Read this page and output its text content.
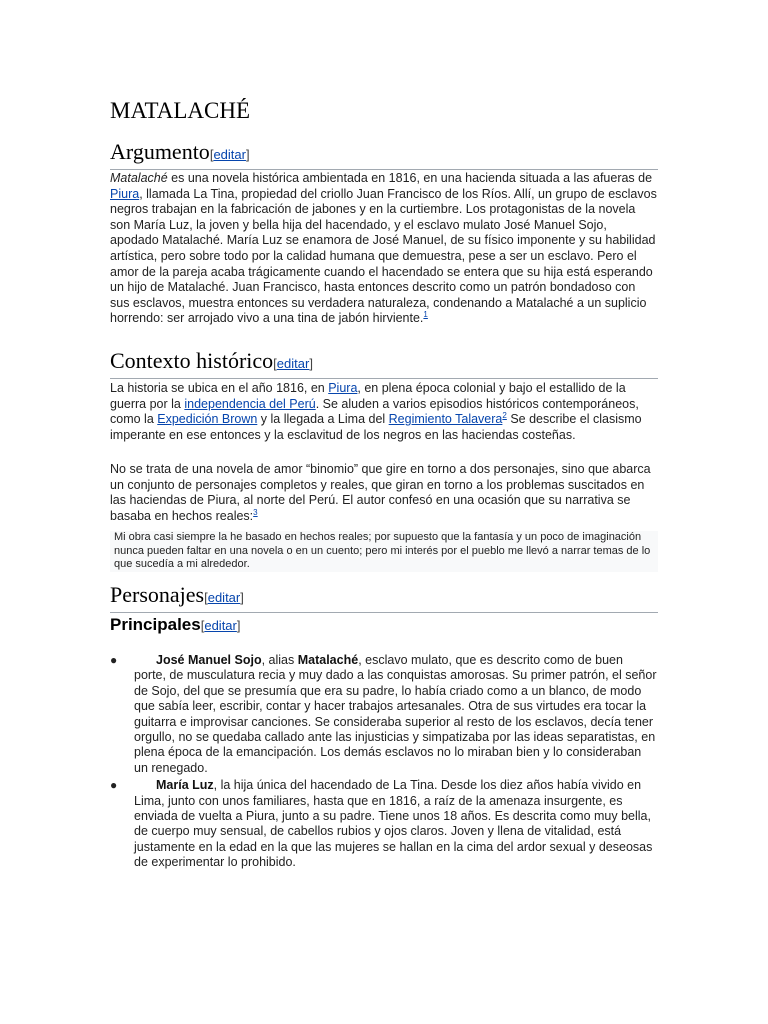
MATALACHÉ
Argumento[editar]

Matalaché es una novela histórica ambientada en 1816, en una hacienda situada a las afueras de Piura, llamada La Tina, propiedad del criollo Juan Francisco de los Ríos. Allí, un grupo de esclavos negros trabajan en la fabricación de jabones y en la curtiembre. Los protagonistas de la novela son María Luz, la joven y bella hija del hacendado, y el esclavo mulato José Manuel Sojo, apodado Matalaché. María Luz se enamora de José Manuel, de su físico imponente y su habilidad artística, pero sobre todo por la calidad humana que demuestra, pese a ser un esclavo. Pero el amor de la pareja acaba trágicamente cuando el hacendado se entera que su hija está esperando un hijo de Matalaché. Juan Francisco, hasta entonces descrito como un patrón bondadoso con sus esclavos, muestra entonces su verdadera naturaleza, condenando a Matalaché a un suplicio horrendo: ser arrojado vivo a una tina de jabón hirviente.$^1$

Contexto histórico[editar]

La historia se ubica en el año 1816, en Piura, en plena época colonial y bajo el estallido de la guerra por la independencia del Perú. Se aluden a varios episodios históricos contemporáneos, como la Expedición Brown y la llegada a Lima del Regimiento Talavera$^2$ Se describe el clasismo imperante en ese entonces y la esclavitud de los negros en las haciendas costeñas.

No se trata de una novela de amor “binomio” que gire en torno a dos personajes, sino que abarca un conjunto de personajes completos y reales, que giran en torno a los problemas suscitados en las haciendas de Piura, al norte del Perú. El autor confesó en una ocasión que su narrativa se basaba en hechos reales:$^3$

Mi obra casi siempre la he basado en hechos reales; por supuesto que la fantasía y un poco de imaginación nunca pueden faltar en una novela o en un cuento; pero mi interés por el pueblo me llevó a narrar temas de lo que sucedía a mi alrededor.
Personajes[editar]
Principales[editar]
●	José Manuel Sojo, alias Matalaché, esclavo mulato, que es descrito como de buen porte, de musculatura recia y muy dado a las conquistas amorosas. Su primer patrón, el señor de Sojo, del que se presumía que era su padre, lo había criado como a un blanco, de modo que sabía leer, escribir, contar y hacer trabajos artesanales. Otra de sus virtudes era tocar la guitarra e improvisar canciones. Se consideraba superior al resto de los esclavos, decía tener orgullo, no se quedaba callado ante las injusticias y simpatizaba por las ideas separatistas, en plena época de la emancipación. Los demás esclavos no lo miraban bien y lo consideraban un renegado.
●	María Luz, la hija única del hacendado de La Tina. Desde los diez años había vivido en Lima, junto con unos familiares, hasta que en 1816, a raíz de la amenaza insurgente, es enviada de vuelta a Piura, junto a su padre. Tiene unos 18 años. Es descrita como muy bella, de cuerpo muy sensual, de cabellos rubios y ojos claros. Joven y llena de vitalidad, está justamente en la edad en la que las mujeres se hallan en la cima del ardor sexual y deseosas de experimentar lo prohibido.
